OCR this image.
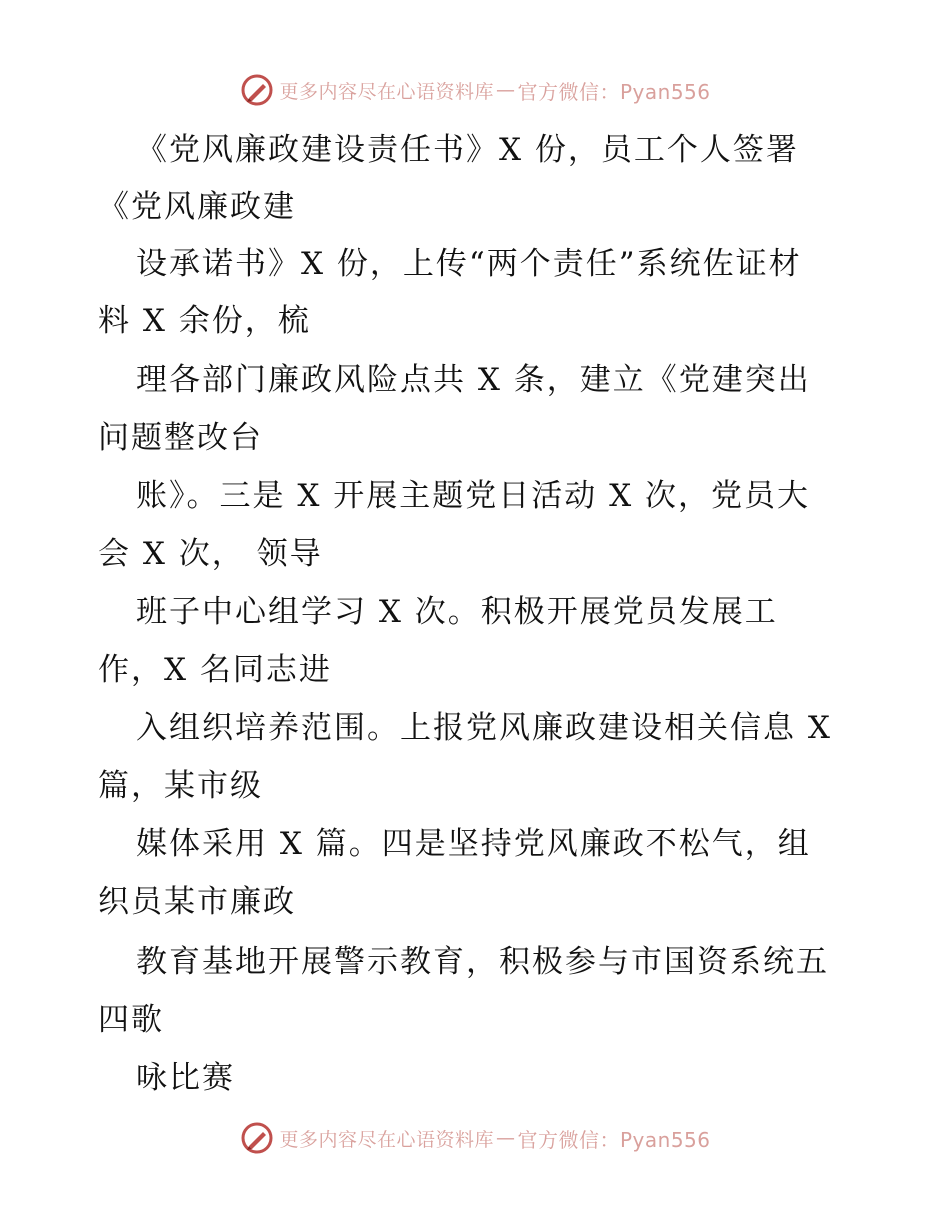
更多内容尽在心语资料库 — 官方微信：Pyan556
《党风廉政建设责任书》X 份，员工个人签署
《党风廉政建
设承诺书》X 份，上传“两个责任”系统佐证材
料 X 余份，梳
理各部门廉政风险点共 X 条，建立《党建突出
问题整改台
账》。三是 X 开展主题党日活动 X 次，党员大
会 X 次， 领导
班子中心组学习 X 次。积极开展党员发展工
作，X 名同志进
入组织培养范围。上报党风廉政建设相关信息 X
篇，某市级
媒体采用 X 篇。四是坚持党风廉政不松气，组
织员某市廉政
教育基地开展警示教育，积极参与市国资系统五
四歌
咏比赛
更多内容尽在心语资料库 — 官方微信：Pyan556
